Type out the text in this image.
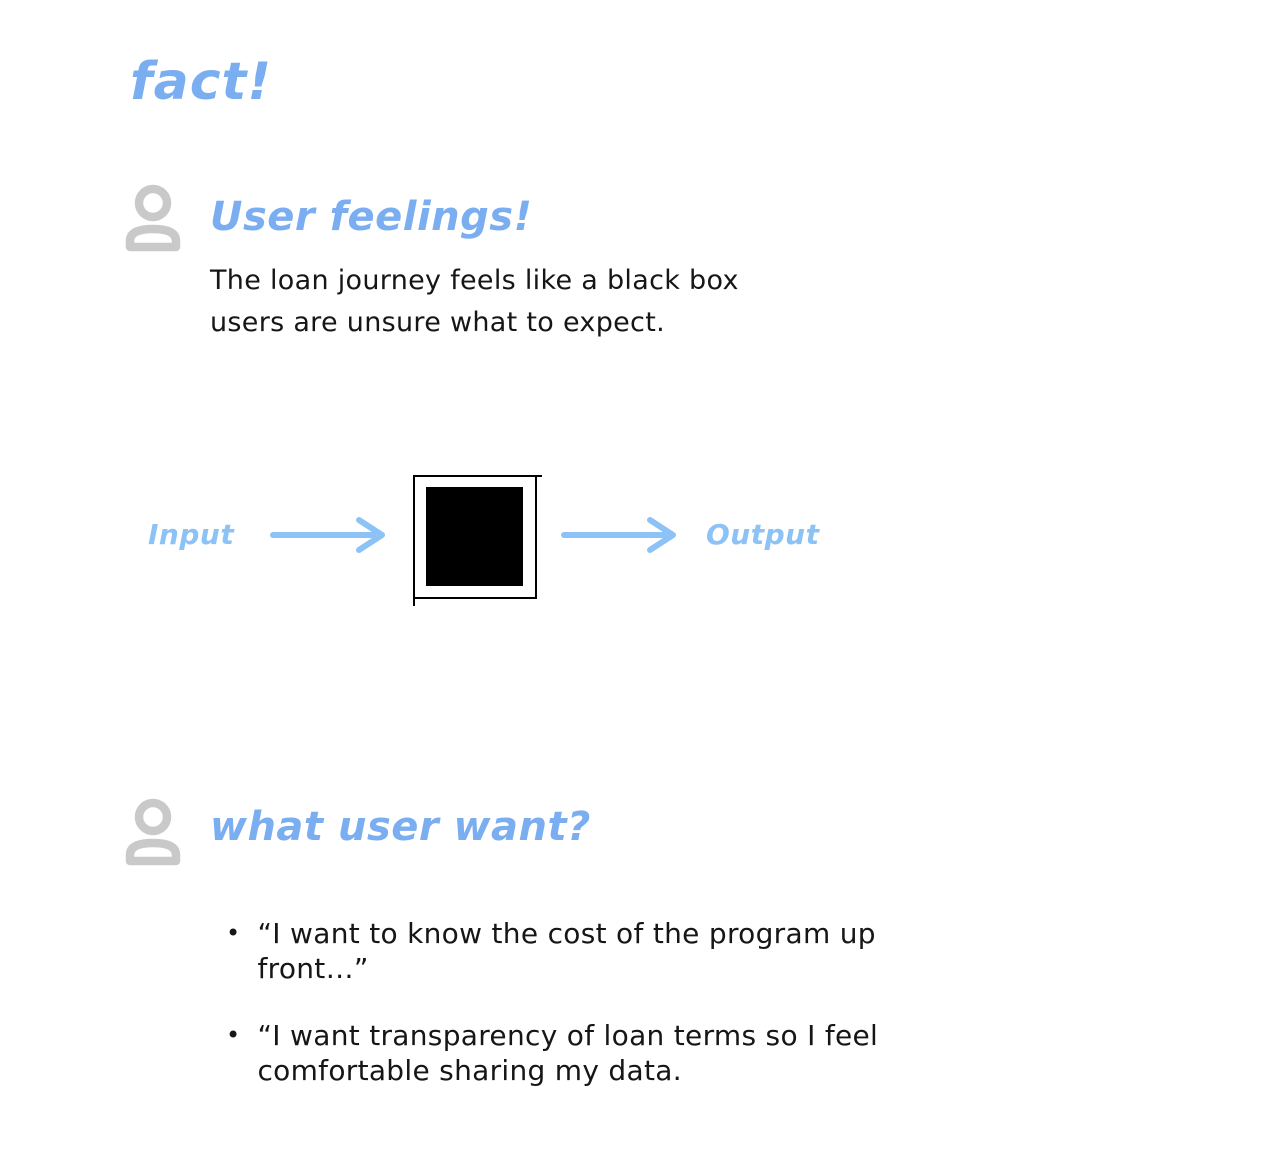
fact!
User feelings!
The loan journey feels like a black box
users are unsure what to expect.
Input	Output
what user want?
• “I want to know the cost of the program up
front…”
• “I want transparency of loan terms so I feel
comfortable sharing my data.
